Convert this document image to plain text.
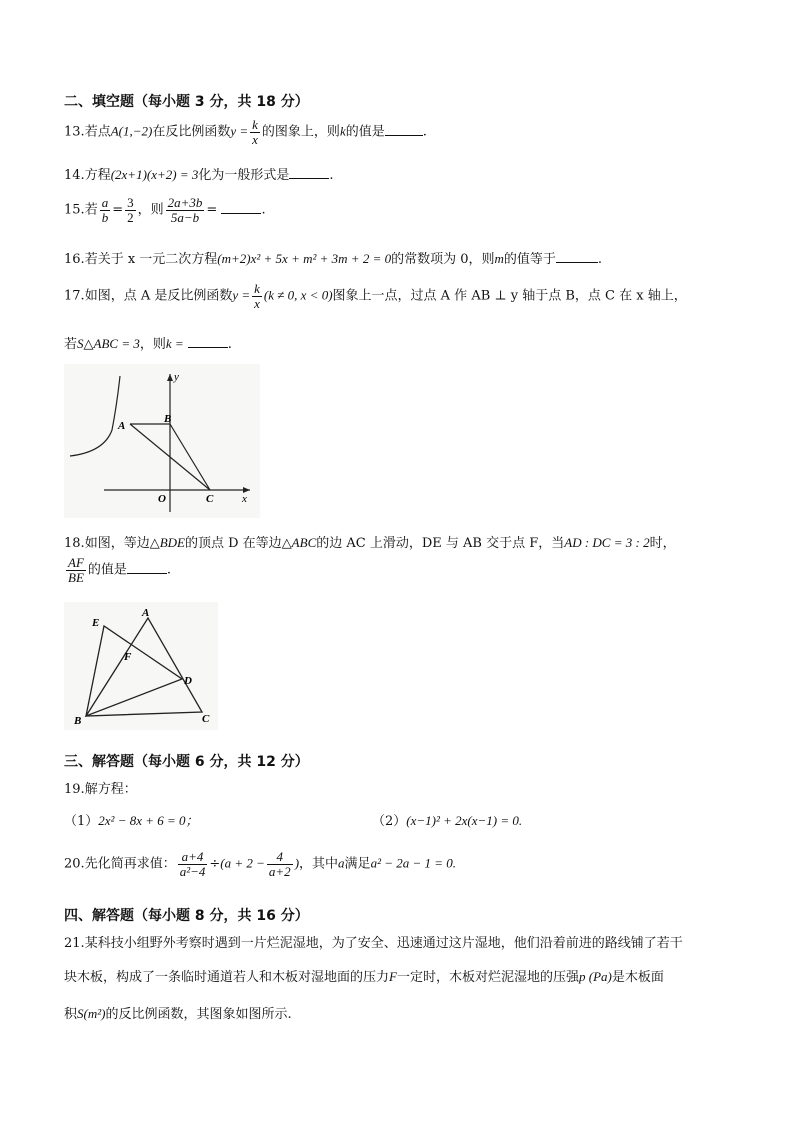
二、填空题（每小题 3 分，共 18 分）
13.若点A(1,−2)在反比例函数$y = \frac{k}{x}$ 的图象上，则k的值是	.
14.方程(2x+1)(x+2) = 3化为一般形式是	.
15.若 $\frac{a}{b} = \frac{3}{2}$ ，则 $\frac{2a+3b}{5a-b}$ =	.
16.若关于 x 一元二次方程(m+2)x² + 5x + m² + 3m + 2 = 0的常数项为 0，则m的值等于	.
17.如图，点 A 是反比例函数$y = \frac{k}{x} (k \ne 0$, x < 0)图象上一点，过点 A 作 AB ⊥ y 轴于点 B，点 C 在 x 轴上，
若S△ABC = 3，则k =	.
A
B
C
O	x
y
18.如图，等边△BDE的顶点 D 在等边△ABC的边 AC 上滑动，DE 与 AB 交于点 F，当AD : DC = 3 : 2时，
$\frac{AF}{BE}$ 的值是	.
A
B	C
D
E
F
三、解答题（每小题 6 分，共 12 分）
19.解方程：
（1）2x² − 8x + 6 = 0；	（2）(x−1)² + 2x(x−1) = 0.
20.先化简再求值： $\frac{a+4}{\text{a²−4}} \div(a + 2 - \frac{4}{a+2}$ )，其中a满足a² − 2a − 1 = 0.
四、解答题（每小题 8 分，共 16 分）
21.某科技小组野外考察时遇到一片烂泥湿地，为了安全、迅速通过这片湿地，他们沿着前进的路线铺了若干
块木板，构成了一条临时通道若人和木板对湿地面的压力F一定时，木板对烂泥湿地的压强p (Pa)是木板面
积S(m²)的反比例函数，其图象如图所示.
